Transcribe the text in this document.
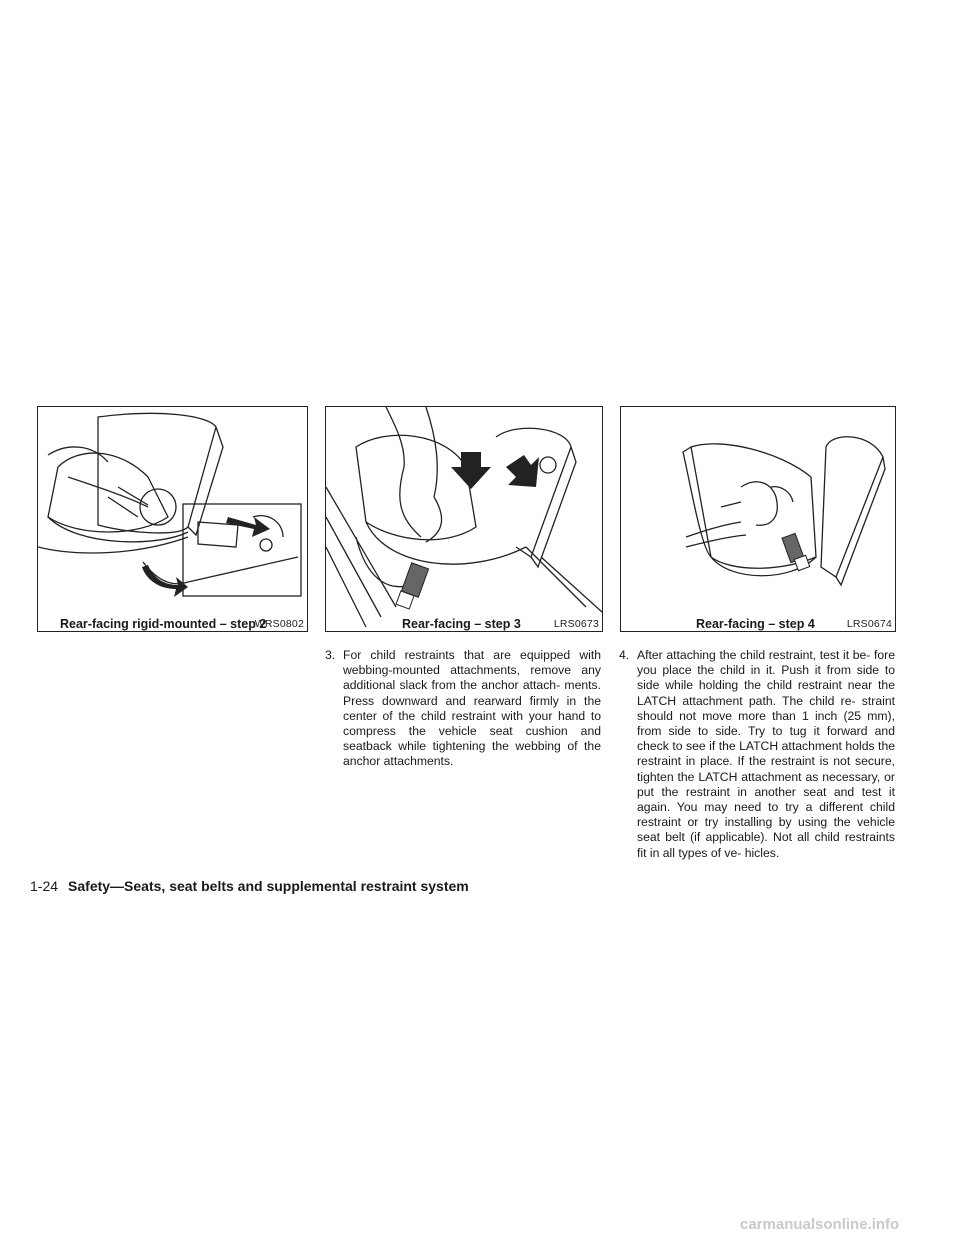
WRS0802
Rear-facing rigid-mounted – step 2	LRS0673
Rear-facing – step 3	LRS0674
Rear-facing – step 4
3. For child restraints that are equipped with webbing-mounted attachments, remove any additional slack from the anchor attach- ments. Press downward and rearward firmly in the center of the child restraint with your hand to compress the vehicle seat cushion and seatback while tightening the webbing of the anchor attachments.
4. After attaching the child restraint, test it be- fore you place the child in it. Push it from side to side while holding the child restraint near the LATCH attachment path. The child re- straint should not move more than 1 inch (25 mm), from side to side. Try to tug it forward and check to see if the LATCH attachment holds the restraint in place. If the restraint is not secure, tighten the LATCH attachment as necessary, or put the restraint in another seat and test it again. You may need to try a different child restraint or try installing by using the vehicle seat belt (if applicable). Not all child restraints fit in all types of ve- hicles.
1-24 Safety—Seats, seat belts and supplemental restraint system
carmanualsonline.info
